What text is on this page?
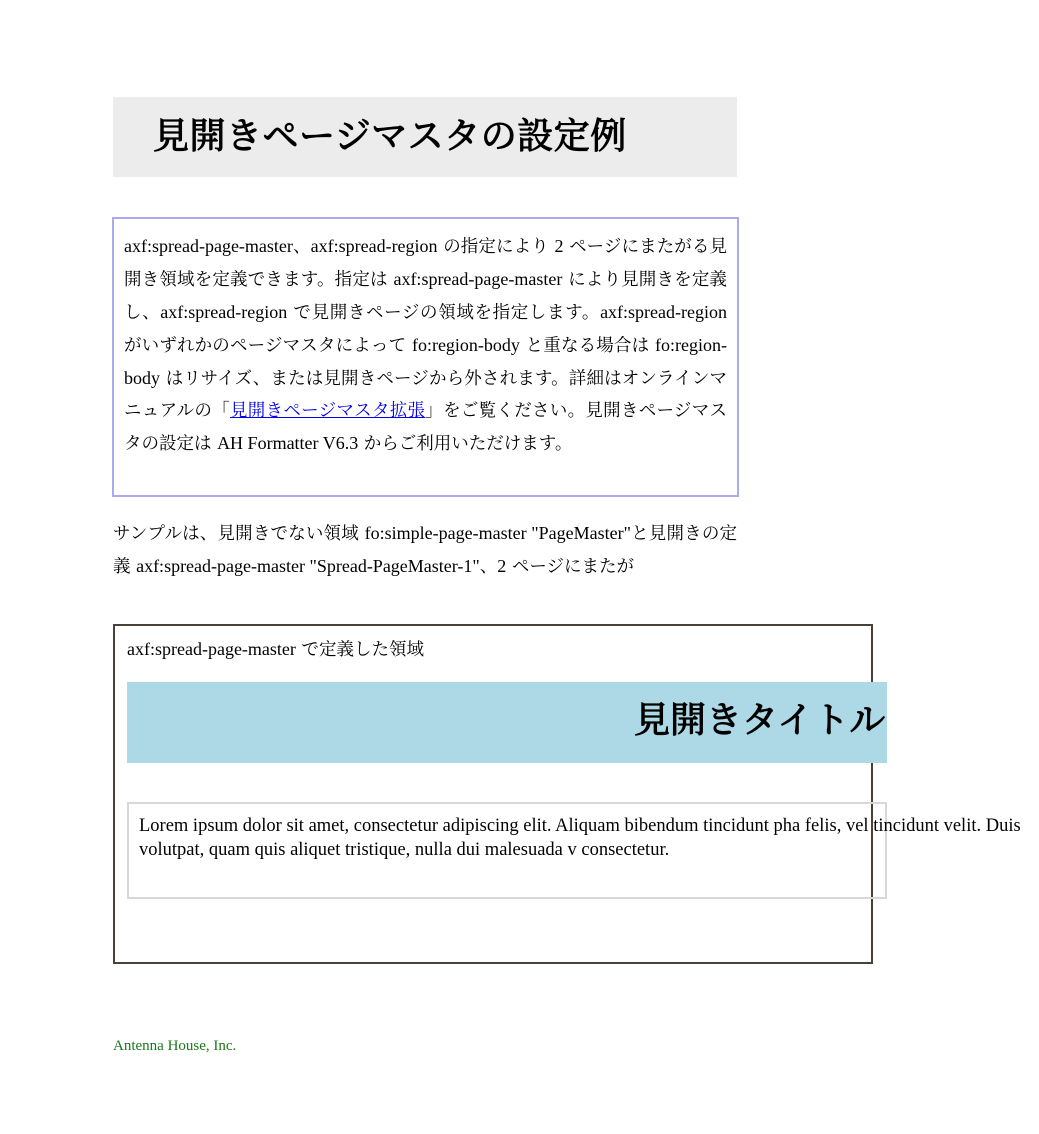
見開きページマスタの設定例
axf:spread-page-master、axf:spread-region の指定により 2 ページにまたがる見開き領域を定義できます。指定は axf:spread-page-master により見開きを定義し、axf:spread-region で見開きページの領域を指定します。axf:spread-region がいずれかのページマスタによって fo:region-body と重なる場合は fo:region-body はリサイズ、または見開きページから外されます。詳細はオンラインマニュアルの「見開きページマスタ拡張」をご覧ください。見開きページマスタの設定は AH Formatter V6.3 からご利用いただけます。
サンプルは、見開きでない領域 fo:simple-page-master "PageMaster"と見開きの定義 axf:spread-page-master "Spread-PageMaster-1"、2 ページにまたが
axf:spread-page-master で定義した領域
見開きタイトル
Lorem ipsum dolor sit amet, consectetur adipiscing elit. Aliquam bibendum tincidunt pha felis, vel tincidunt velit. Duis volutpat, quam quis aliquet tristique, nulla dui malesuada v consectetur.
Antenna House, Inc.
